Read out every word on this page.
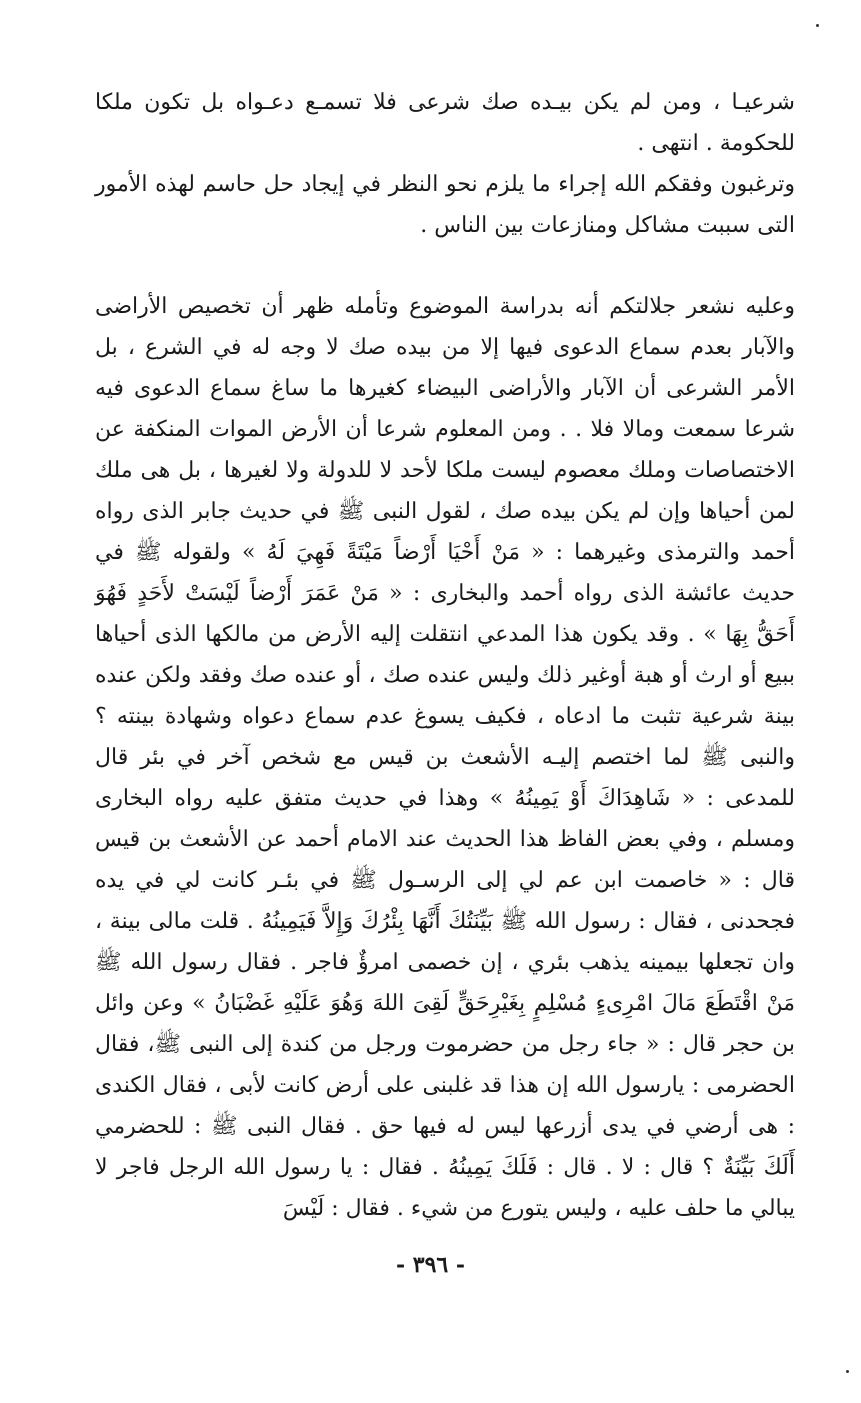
شرعيـا ، ومن لم يكن بيـده صك شرعى فلا تسمـع دعـواه بل تكون ملكا للحكومة . انتهى .

وترغبون وفقكم الله إجراء ما يلزم نحو النظر في إيجاد حل حاسم لهذه الأمور التى سببت مشاكل ومنازعات بين الناس .

وعليه نشعر جلالتكم أنه بدراسة الموضوع وتأمله ظهر أن تخصيص الأراضى والآبار بعدم سماع الدعوى فيها إلا من بيده صك لا وجه له في الشرع ، بل الأمر الشرعى أن الآبار والأراضى البيضاء كغيرها ما ساغ سماع الدعوى فيه شرعا سمعت ومالا فلا . . ومن المعلوم شرعا أن الأرض الموات المنكفة عن الاختصاصات وملك معصوم ليست ملكا لأحد لا للدولة ولا لغيرها ، بل هى ملك لمن أحياها وإن لم يكن بيده صك ، لقول النبى ﷺ في حديث جابر الذى رواه أحمد والترمذى وغيرهما : « مَنْ أَحْيَا أَرْضاً مَيْتَةً فَهِيَ لَهُ » ولقوله ﷺ في حديث عائشة الذى رواه أحمد والبخارى : « مَنْ عَمَرَ أَرْضاً لَيْسَتْ لأَحَدٍ فَهُوَ أَحَقُّ بِهَا » . وقد يكون هذا المدعي انتقلت إليه الأرض من مالكها الذى أحياها ببيع أو ارث أو هبة أوغير ذلك وليس عنده صك ، أو عنده صك وفقد ولكن عنده بينة شرعية تثبت ما ادعاه ، فكيف يسوغ عدم سماع دعواه وشهادة بينته ؟ والنبى ﷺ لما اختصم إليـه الأشعث بن قيس مع شخص آخر في بئر قال للمدعى : « شَاهِدَاكَ أَوْ يَمِينُهُ » وهذا في حديث متفق عليه رواه البخارى ومسلم ، وفي بعض الفاظ هذا الحديث عند الامام أحمد عن الأشعث بن قيس قال : « خاصمت ابن عم لي إلى الرسـول ﷺ في بئـر كانت لي في يده فجحدنى ، فقال : رسول الله ﷺ بَيِّنَتُكَ أَنَّهَا بِئْرُكَ وَإِلاَّ فَيَمِينُهُ . قلت مالى بينة ، وان تجعلها بيمينه يذهب بئري ، إن خصمى امرؤٌ فاجر . فقال رسول الله ﷺ مَنْ اقْتَطَعَ مَالَ امْرِىءٍ مُسْلِمٍ بِغَيْرِحَقٍّ لَقِىَ اللهَ وَهُوَ عَلَيْهِ غَضْبَانُ » وعن وائل بن حجر قال : « جاء رجل من حضرموت ورجل من كندة إلى النبى ﷺ، فقال الحضرمى : يارسول الله إن هذا قد غلبنى على أرض كانت لأبى ، فقال الكندى : هى أرضي في يدى أزرعها ليس له فيها حق . فقال النبى ﷺ : للحضرمي أَلَكَ بَيِّنَةٌ ؟ قال : لا . قال : فَلَكَ يَمِينُهُ . فقال : يا رسول الله الرجل فاجر لا يبالي ما حلف عليه ، وليس يتورع من شيء . فقال : لَيْسَ

- ٣٩٦ -
